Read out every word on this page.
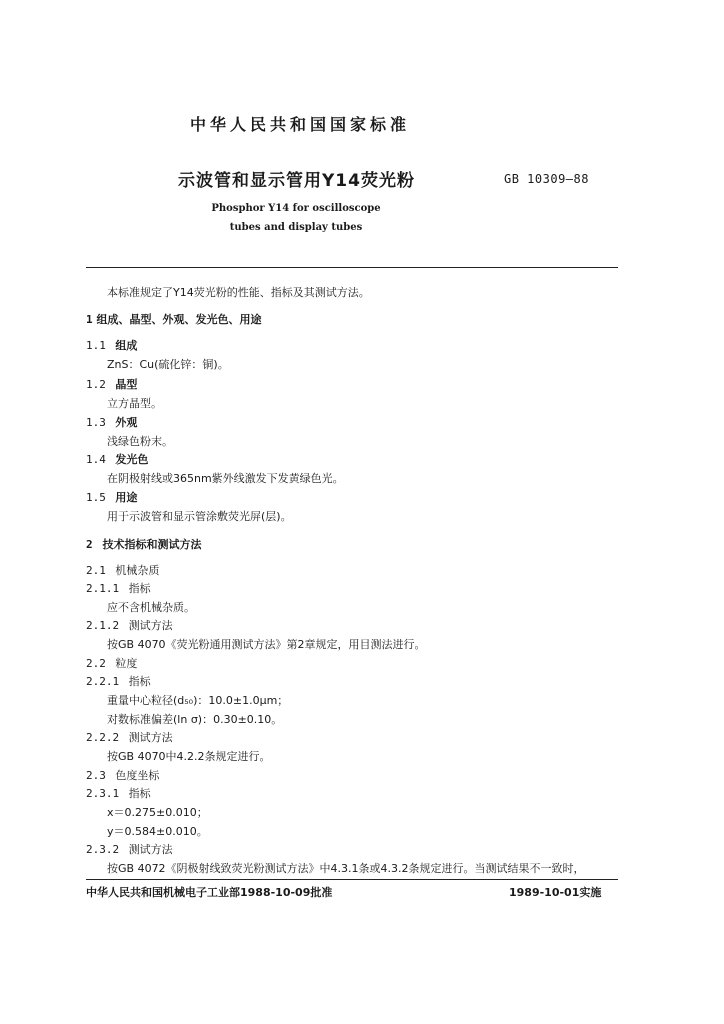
中华人民共和国国家标准
示波管和显示管用Y14荧光粉	GB 10309—88
Phosphor Y14 for oscilloscope
tubes and display tubes
本标准规定了Y14荧光粉的性能、指标及其测试方法。
1 组成、晶型、外观、发光色、用途
1.1 组成
ZnS：Cu(硫化锌：铜)。
1.2 晶型
立方晶型。
1.3 外观
浅绿色粉末。
1.4 发光色
在阴极射线或365nm紫外线激发下发黄绿色光。
1.5 用途
用于示波管和显示管涂敷荧光屏(层)。
2 技术指标和测试方法
2.1 机械杂质
2.1.1 指标
应不含机械杂质。
2.1.2 测试方法
按GB 4070《荧光粉通用测试方法》第2章规定，用目测法进行。
2.2 粒度
2.2.1 指标
重量中心粒径(d₅₀)：10.0±1.0μm；
对数标准偏差(ln σ)：0.30±0.10。
2.2.2 测试方法
按GB 4070中4.2.2条规定进行。
2.3 色度坐标
2.3.1 指标
x＝0.275±0.010；
y＝0.584±0.010。
2.3.2 测试方法
按GB 4072《阴极射线致荧光粉测试方法》中4.3.1条或4.3.2条规定进行。当测试结果不一致时，
中华人民共和国机械电子工业部1988-10-09批准	1989-10-01实施
